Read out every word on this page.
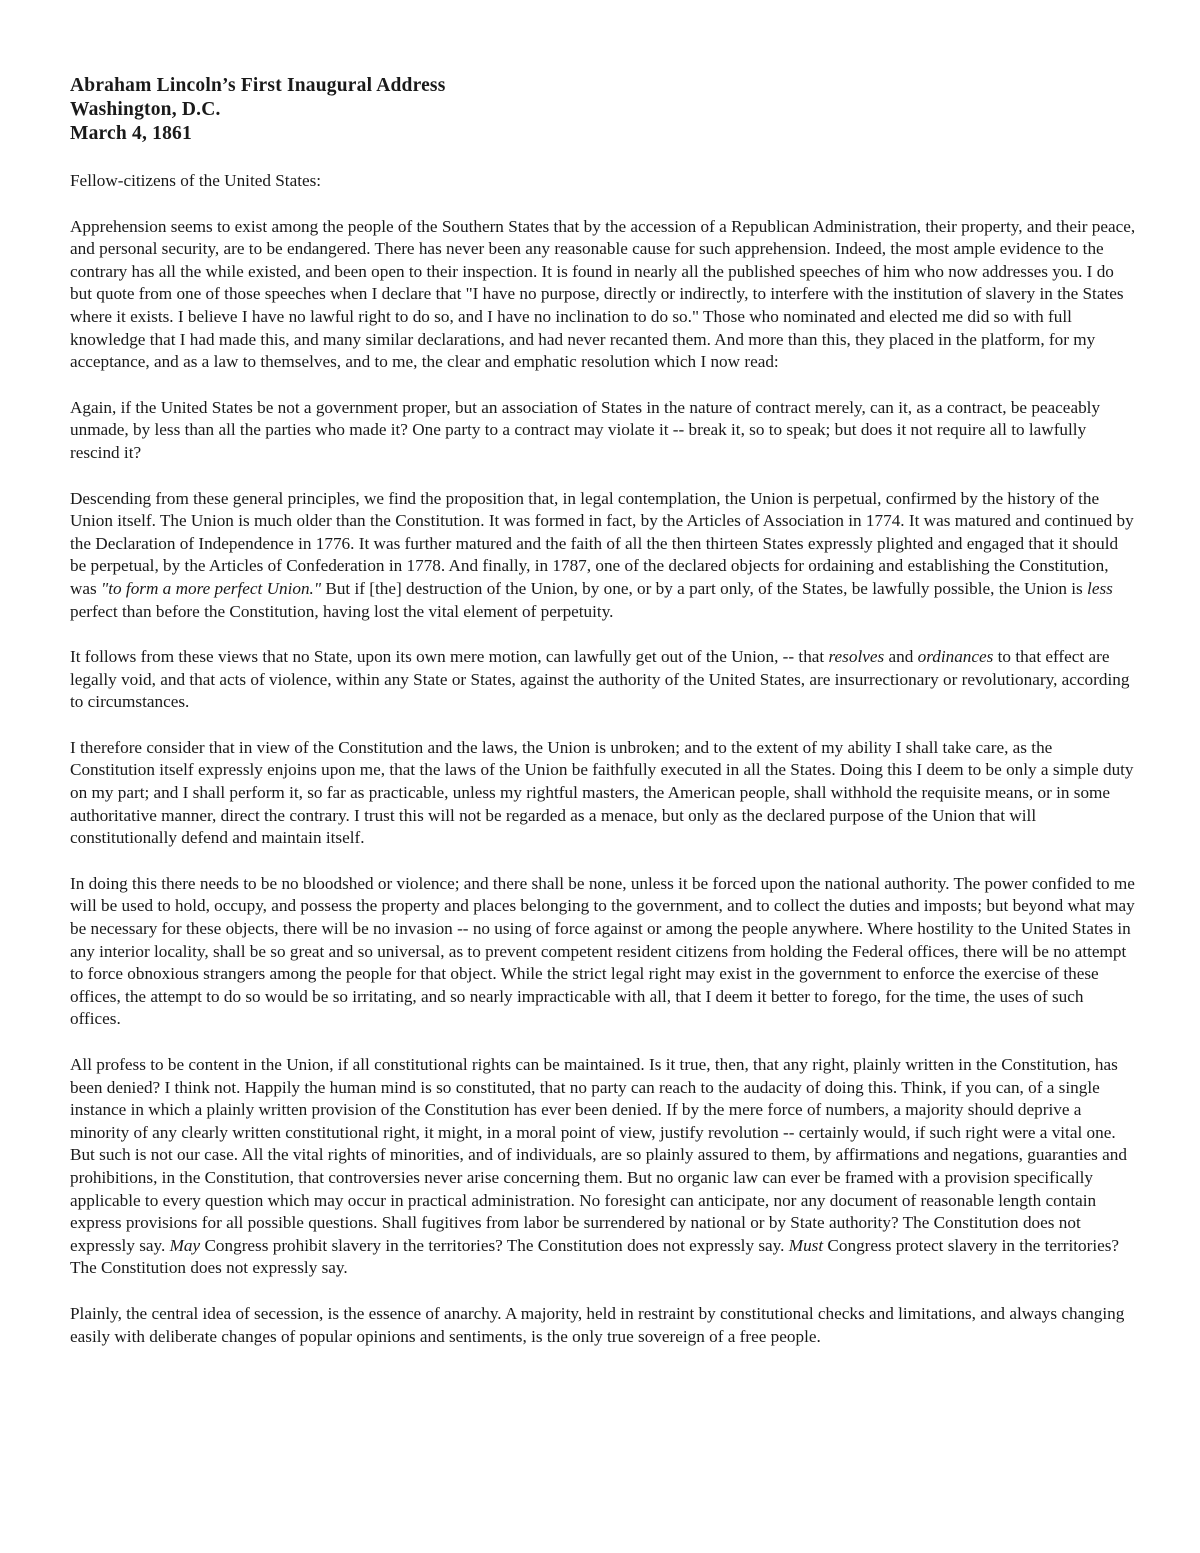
Abraham Lincoln’s First Inaugural Address
Washington, D.C.
March 4, 1861

Fellow-citizens of the United States:

Apprehension seems to exist among the people of the Southern States that by the accession of a Republican Administration, their property, and their peace, and personal security, are to be endangered. There has never been any reasonable cause for such apprehension. Indeed, the most ample evidence to the contrary has all the while existed, and been open to their inspection. It is found in nearly all the published speeches of him who now addresses you. I do but quote from one of those speeches when I declare that "I have no purpose, directly or indirectly, to interfere with the institution of slavery in the States where it exists. I believe I have no lawful right to do so, and I have no inclination to do so." Those who nominated and elected me did so with full knowledge that I had made this, and many similar declarations, and had never recanted them. And more than this, they placed in the platform, for my acceptance, and as a law to themselves, and to me, the clear and emphatic resolution which I now read:

Again, if the United States be not a government proper, but an association of States in the nature of contract merely, can it, as a contract, be peaceably unmade, by less than all the parties who made it? One party to a contract may violate it -- break it, so to speak; but does it not require all to lawfully rescind it?

Descending from these general principles, we find the proposition that, in legal contemplation, the Union is perpetual, confirmed by the history of the Union itself. The Union is much older than the Constitution. It was formed in fact, by the Articles of Association in 1774. It was matured and continued by the Declaration of Independence in 1776. It was further matured and the faith of all the then thirteen States expressly plighted and engaged that it should be perpetual, by the Articles of Confederation in 1778. And finally, in 1787, one of the declared objects for ordaining and establishing the Constitution, was "to form a more perfect Union." But if [the] destruction of the Union, by one, or by a part only, of the States, be lawfully possible, the Union is less perfect than before the Constitution, having lost the vital element of perpetuity.

It follows from these views that no State, upon its own mere motion, can lawfully get out of the Union, -- that resolves and ordinances to that effect are legally void, and that acts of violence, within any State or States, against the authority of the United States, are insurrectionary or revolutionary, according to circumstances.

I therefore consider that in view of the Constitution and the laws, the Union is unbroken; and to the extent of my ability I shall take care, as the Constitution itself expressly enjoins upon me, that the laws of the Union be faithfully executed in all the States. Doing this I deem to be only a simple duty on my part; and I shall perform it, so far as practicable, unless my rightful masters, the American people, shall withhold the requisite means, or in some authoritative manner, direct the contrary. I trust this will not be regarded as a menace, but only as the declared purpose of the Union that will constitutionally defend and maintain itself.

In doing this there needs to be no bloodshed or violence; and there shall be none, unless it be forced upon the national authority. The power confided to me will be used to hold, occupy, and possess the property and places belonging to the government, and to collect the duties and imposts; but beyond what may be necessary for these objects, there will be no invasion -- no using of force against or among the people anywhere. Where hostility to the United States in any interior locality, shall be so great and so universal, as to prevent competent resident citizens from holding the Federal offices, there will be no attempt to force obnoxious strangers among the people for that object. While the strict legal right may exist in the government to enforce the exercise of these offices, the attempt to do so would be so irritating, and so nearly impracticable with all, that I deem it better to forego, for the time, the uses of such offices.

All profess to be content in the Union, if all constitutional rights can be maintained. Is it true, then, that any right, plainly written in the Constitution, has been denied? I think not. Happily the human mind is so constituted, that no party can reach to the audacity of doing this. Think, if you can, of a single instance in which a plainly written provision of the Constitution has ever been denied. If by the mere force of numbers, a majority should deprive a minority of any clearly written constitutional right, it might, in a moral point of view, justify revolution -- certainly would, if such right were a vital one. But such is not our case. All the vital rights of minorities, and of individuals, are so plainly assured to them, by affirmations and negations, guaranties and prohibitions, in the Constitution, that controversies never arise concerning them. But no organic law can ever be framed with a provision specifically applicable to every question which may occur in practical administration. No foresight can anticipate, nor any document of reasonable length contain express provisions for all possible questions. Shall fugitives from labor be surrendered by national or by State authority? The Constitution does not expressly say. May Congress prohibit slavery in the territories? The Constitution does not expressly say. Must Congress protect slavery in the territories? The Constitution does not expressly say.

Plainly, the central idea of secession, is the essence of anarchy. A majority, held in restraint by constitutional checks and limitations, and always changing easily with deliberate changes of popular opinions and sentiments, is the only true sovereign of a free people.
